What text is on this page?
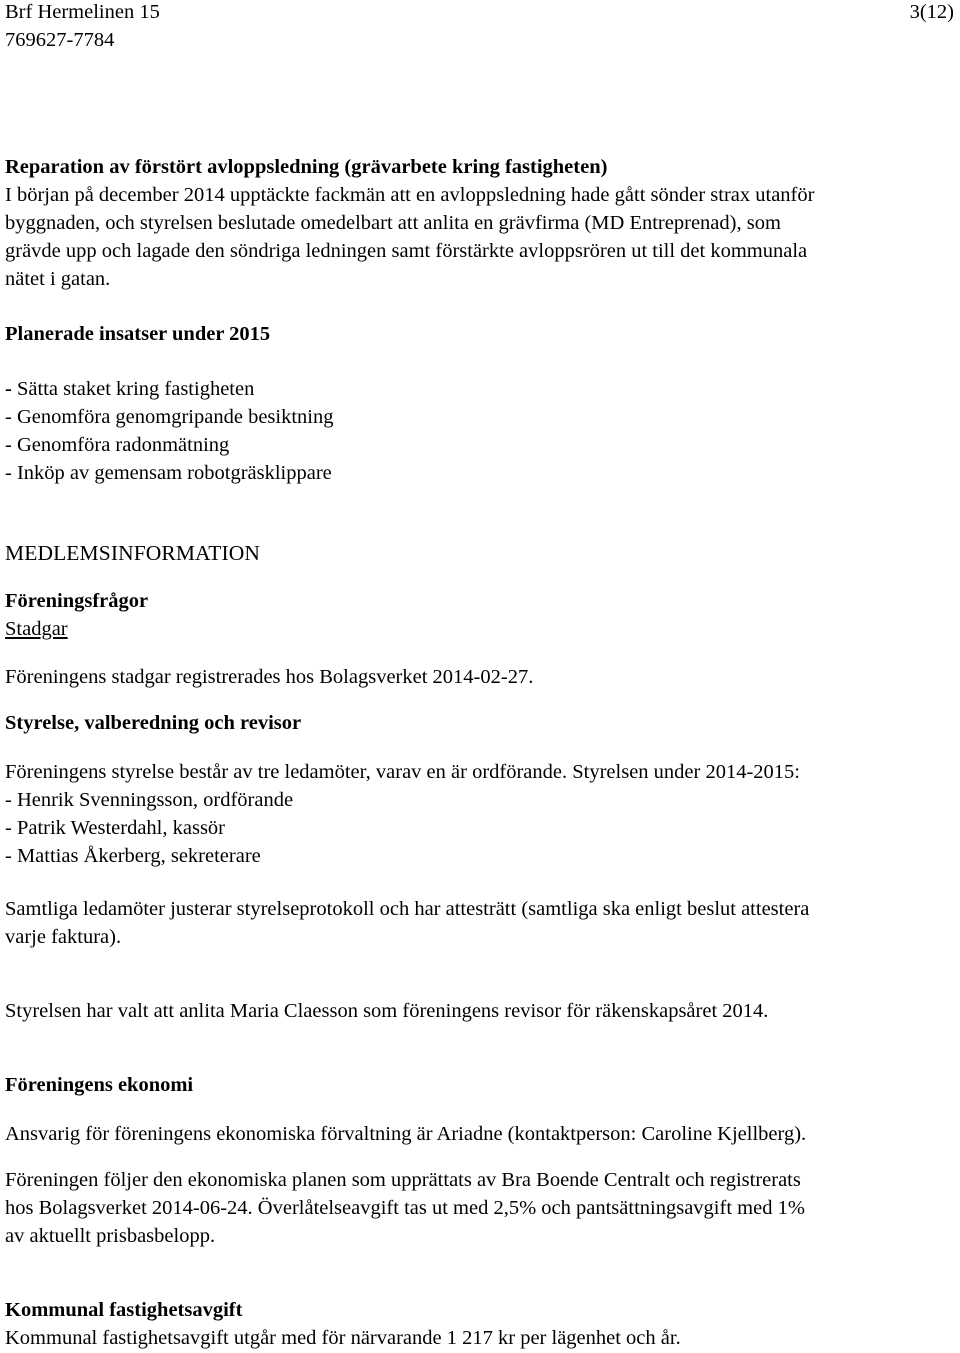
Brf Hermelinen 15
769627-7784
3(12)
Reparation av förstört avloppsledning (grävarbete kring fastigheten)
I början på december 2014 upptäckte fackmän att en avloppsledning hade gått sönder strax utanför
byggnaden, och styrelsen beslutade omedelbart att anlita en grävfirma (MD Entreprenad), som
grävde upp och lagade den söndriga ledningen samt förstärkte avloppsrören ut till det kommunala
nätet i gatan.
Planerade insatser under 2015
- Sätta staket kring fastigheten
- Genomföra genomgripande besiktning
- Genomföra radonmätning
- Inköp av gemensam robotgräsklippare
MEDLEMSINFORMATION
Föreningsfrågor
Stadgar
Föreningens stadgar registrerades hos Bolagsverket 2014-02-27.
Styrelse, valberedning och revisor
Föreningens styrelse består av tre ledamöter, varav en är ordförande. Styrelsen under 2014-2015:
- Henrik Svenningsson, ordförande
- Patrik Westerdahl, kassör
- Mattias Åkerberg, sekreterare
Samtliga ledamöter justerar styrelseprotokoll och har attesträtt (samtliga ska enligt beslut attestera
varje faktura).
Styrelsen har valt att anlita Maria Claesson som föreningens revisor för räkenskapsåret 2014.
Föreningens ekonomi
Ansvarig för föreningens ekonomiska förvaltning är Ariadne (kontaktperson: Caroline Kjellberg).
Föreningen följer den ekonomiska planen som upprättats av Bra Boende Centralt och registrerats
hos Bolagsverket 2014-06-24. Överlåtelseavgift tas ut med 2,5% och pantsättningsavgift med 1%
av aktuellt prisbasbelopp.
Kommunal fastighetsavgift
Kommunal fastighetsavgift utgår med för närvarande 1 217 kr per lägenhet och år.
